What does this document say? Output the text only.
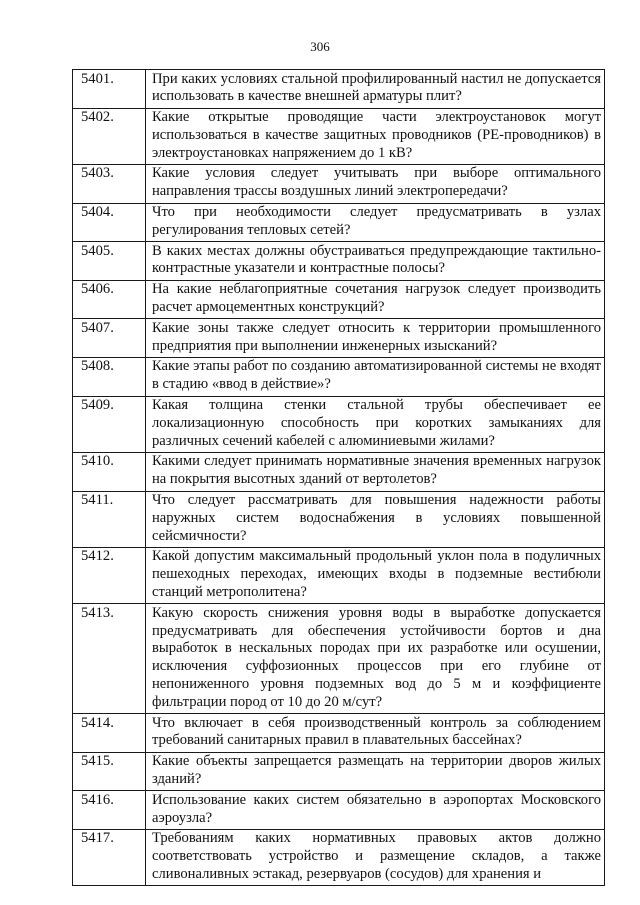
306
5401.	При каких условиях стальной профилированный настил не допускается использовать в качестве внешней арматуры плит?
5402.	Какие открытые проводящие части электроустановок могут использоваться в качестве защитных проводников (PE-проводников) в электроустановках напряжением до 1 кВ?
5403.	Какие условия следует учитывать при выборе оптимального направления трассы воздушных линий электропередачи?
5404.	Что при необходимости следует предусматривать в узлах регулирования тепловых сетей?
5405.	В каких местах должны обустраиваться предупреждающие тактильно-контрастные указатели и контрастные полосы?
5406.	На какие неблагоприятные сочетания нагрузок следует производить расчет армоцементных конструкций?
5407.	Какие зоны также следует относить к территории промышленного предприятия при выполнении инженерных изысканий?
5408.	Какие этапы работ по созданию автоматизированной системы не входят в стадию «ввод в действие»?
5409.	Какая толщина стенки стальной трубы обеспечивает ее локализационную способность при коротких замыканиях для различных сечений кабелей с алюминиевыми жилами?
5410.	Какими следует принимать нормативные значения временных нагрузок на покрытия высотных зданий от вертолетов?
5411.	Что следует рассматривать для повышения надежности работы наружных систем водоснабжения в условиях повышенной сейсмичности?
5412.	Какой допустим максимальный продольный уклон пола в подуличных пешеходных переходах, имеющих входы в подземные вестибюли станций метрополитена?
5413.	Какую скорость снижения уровня воды в выработке допускается предусматривать для обеспечения устойчивости бортов и дна выработок в нескальных породах при их разработке или осушении, исключения суффозионных процессов при его глубине от непониженного уровня подземных вод до 5 м и коэффициенте фильтрации пород от 10 до 20 м/сут?
5414.	Что включает в себя производственный контроль за соблюдением требований санитарных правил в плавательных бассейнах?
5415.	Какие объекты запрещается размещать на территории дворов жилых зданий?
5416.	Использование каких систем обязательно в аэропортах Московского аэроузла?
5417.	Требованиям каких нормативных правовых актов должно соответствовать устройство и размещение складов, а также сливоналивных эстакад, резервуаров (сосудов) для хранения и
